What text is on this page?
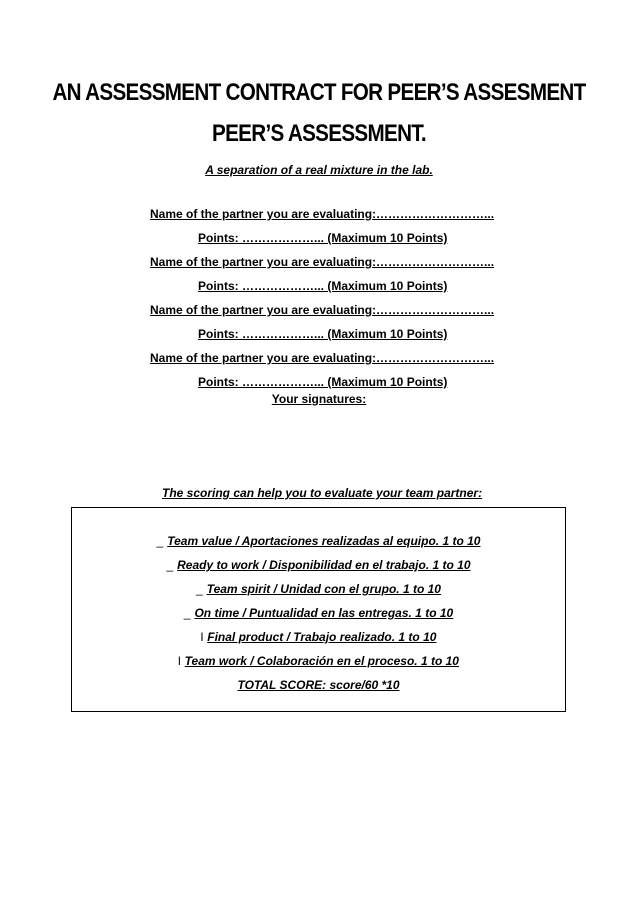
AN ASSESSMENT CONTRACT FOR PEER’S ASSESMENT
PEER’S ASSESSMENT.
A separation of a real mixture in the lab.
Name of the partner you are evaluating:………………………...
Points: ………………... (Maximum 10 Points)
Name of the partner you are evaluating:………………………...
Points: ………………... (Maximum 10 Points)
Name of the partner you are evaluating:………………………...
Points: ………………... (Maximum 10 Points)
Name of the partner you are evaluating:………………………...
Points: ………………... (Maximum 10 Points)
Your signatures:
The scoring can help you to evaluate your team partner:
_ Team value / Aportaciones realizadas al equipo. 1 to 10
_ Ready to work / Disponibilidad en el trabajo. 1 to 10
_ Team spirit / Unidad con el grupo. 1 to 10
_ On time / Puntualidad en las entregas. 1 to 10
l Final product / Trabajo realizado. 1 to 10
l Team work / Colaboración en el proceso. 1 to 10
TOTAL SCORE: score/60 *10
